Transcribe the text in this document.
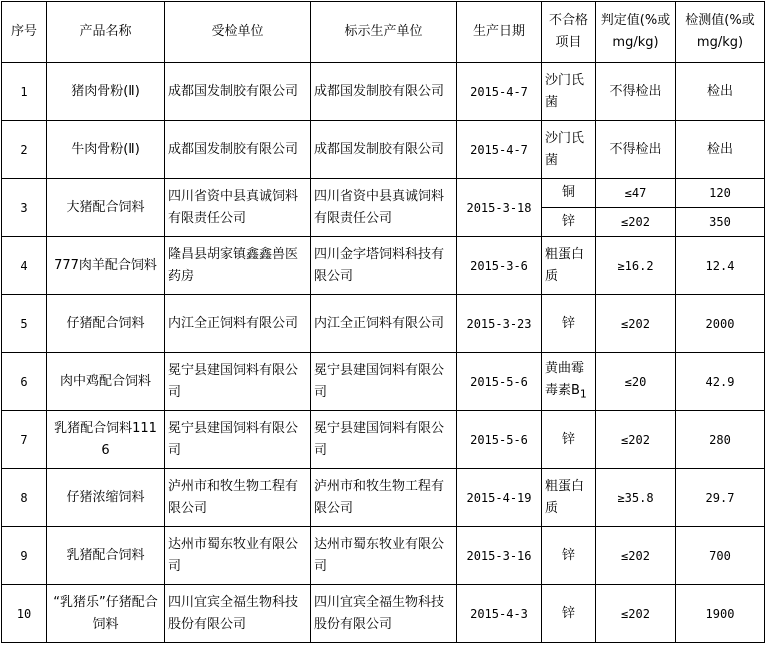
序号	产品名称	受检单位	标示生产单位	生产日期	不合格项目	判定值(%或mg/kg)	检测值(%或mg/kg)
1	猪肉骨粉(Ⅱ)	成都国发制胶有限公司	成都国发制胶有限公司	2015-4-7	沙门氏菌	不得检出	检出
2	牛肉骨粉(Ⅱ)	成都国发制胶有限公司	成都国发制胶有限公司	2015-4-7	沙门氏菌	不得检出	检出
3	大猪配合饲料	四川省资中县真诚饲料有限责任公司	四川省资中县真诚饲料有限责任公司	2015-3-18	铜	≤47	120
					锌	≤202	350
4	777肉羊配合饲料	隆昌县胡家镇鑫鑫兽医药房	四川金字塔饲料科技有限公司	2015-3-6	粗蛋白质	≥16.2	12.4
5	仔猪配合饲料	内江全正饲料有限公司	内江全正饲料有限公司	2015-3-23	锌	≤202	2000
6	肉中鸡配合饲料	冕宁县建国饲料有限公司	冕宁县建国饲料有限公司	2015-5-6	黄曲霉毒素$B_1$	≤20	42.9
7	乳猪配合饲料1116	冕宁县建国饲料有限公司	冕宁县建国饲料有限公司	2015-5-6	锌	≤202	280
8	仔猪浓缩饲料	泸州市和牧生物工程有限公司	泸州市和牧生物工程有限公司	2015-4-19	粗蛋白质	≥35.8	29.7
9	乳猪配合饲料	达州市蜀东牧业有限公司	达州市蜀东牧业有限公司	2015-3-16	锌	≤202	700
10	“乳猪乐”仔猪配合饲料	四川宜宾全福生物科技股份有限公司	四川宜宾全福生物科技股份有限公司	2015-4-3	锌	≤202	1900
